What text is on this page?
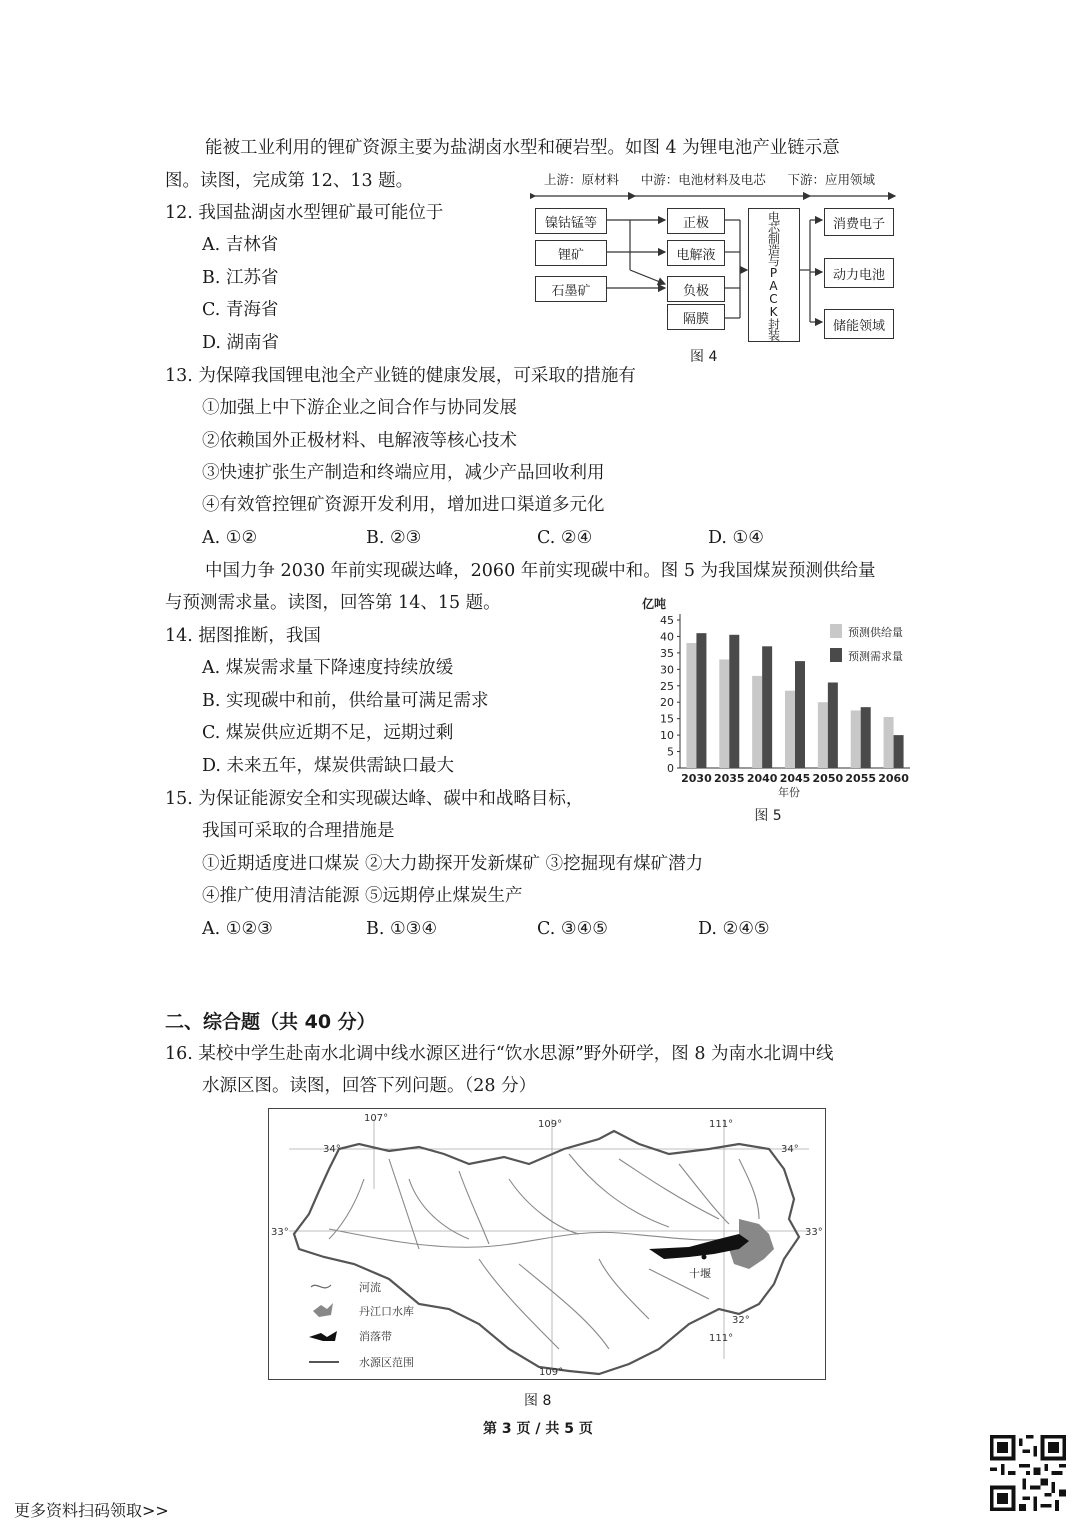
能被工业利用的锂矿资源主要为盐湖卤水型和硬岩型。如图 4 为锂电池产业链示意
图。读图，完成第 12、13 题。
12. 我国盐湖卤水型锂矿最可能位于
A. 吉林省
B. 江苏省
C. 青海省
D. 湖南省
上游：原材料 中游：电池材料及电芯 下游：应用领域
镍钴锰等
锂矿
石墨矿
正极
电解液
负极
隔膜	电芯制造与PACK封装	消费电子
动力电池
储能领域
图 4
13. 为保障我国锂电池全产业链的健康发展，可采取的措施有
①加强上中下游企业之间合作与协同发展
②依赖国外正极材料、电解液等核心技术
③快速扩张生产制造和终端应用，减少产品回收利用
④有效管控锂矿资源开发利用，增加进口渠道多元化
A. ①②	B. ②③	C. ②④	D. ①④
中国力争 2030 年前实现碳达峰，2060 年前实现碳中和。图 5 为我国煤炭预测供给量
与预测需求量。读图，回答第 14、15 题。
14. 据图推断，我国
A. 煤炭需求量下降速度持续放缓
B. 实现碳中和前，供给量可满足需求
C. 煤炭供应近期不足，远期过剩
D. 未来五年，煤炭供需缺口最大
亿吨
0
5
10
15
20
25
30
35
40
45
2030 2035 2040 2045 2050 2055 2060
年份
预测供给量
预测需求量
图 5
15. 为保证能源安全和实现碳达峰、碳中和战略目标，
我国可采取的合理措施是
①近期适度进口煤炭 ②大力勘探开发新煤矿 ③挖掘现有煤矿潜力
④推广使用清洁能源 ⑤远期停止煤炭生产
A. ①②③	B. ①③④	C. ③④⑤	D. ②④⑤
二、综合题（共 40 分）
16. 某校中学生赴南水北调中线水源区进行“饮水思源”野外研学，图 8 为南水北调中线
水源区图。读图，回答下列问题。（28 分）
107°
109°	111°
109°
111°
34°	34°
33°	33°
32°
十堰
河流
丹江口水库
消落带
水源区范围
图 8
第 3 页 / 共 5 页
更多资料扫码领取>>
